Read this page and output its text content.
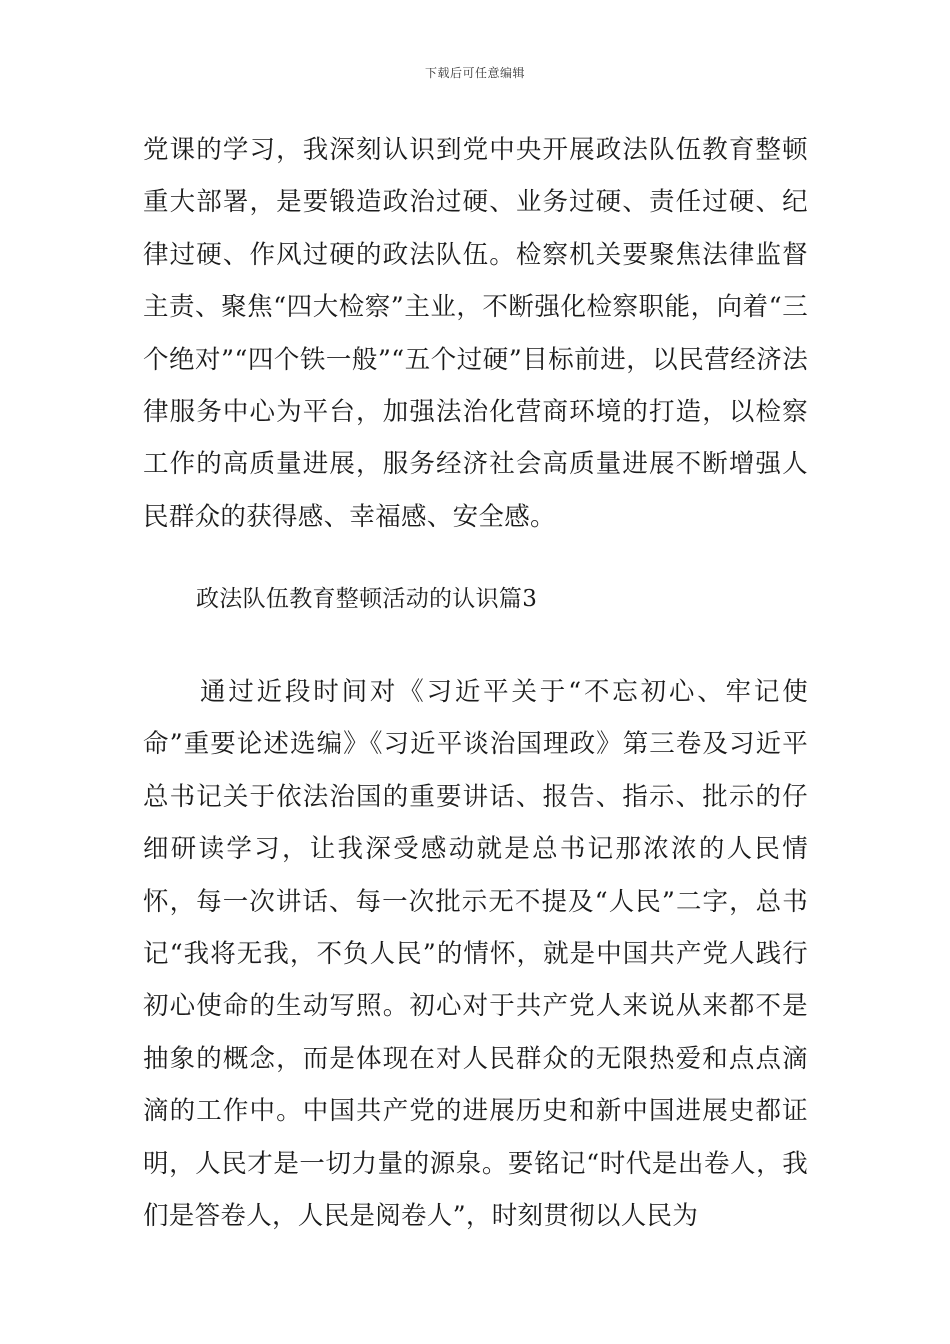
下载后可任意编辑

党课的学习，我深刻认识到党中央开展政法队伍教育整顿重大部署，是要锻造政治过硬、业务过硬、责任过硬、纪律过硬、作风过硬的政法队伍。检察机关要聚焦法律监督主责、聚焦“四大检察”主业，不断强化检察职能，向着“三个绝对”“四个铁一般”“五个过硬”目标前进，以民营经济法律服务中心为平台，加强法治化营商环境的打造，以检察工作的高质量进展，服务经济社会高质量进展不断增强人民群众的获得感、幸福感、安全感。

政法队伍教育整顿活动的认识篇3

通过近段时间对《习近平关于“不忘初心、牢记使命”重要论述选编》《习近平谈治国理政》第三卷及习近平总书记关于依法治国的重要讲话、报告、指示、批示的仔细研读学习，让我深受感动就是总书记那浓浓的人民情怀，每一次讲话、每一次批示无不提及“人民”二字，总书记“我将无我，不负人民”的情怀，就是中国共产党人践行初心使命的生动写照。初心对于共产党人来说从来都不是抽象的概念，而是体现在对人民群众的无限热爱和点点滴滴的工作中。中国共产党的进展历史和新中国进展史都证明，人民才是一切力量的源泉。要铭记“时代是出卷人，我们是答卷人，人民是阅卷人”，时刻贯彻以人民为
